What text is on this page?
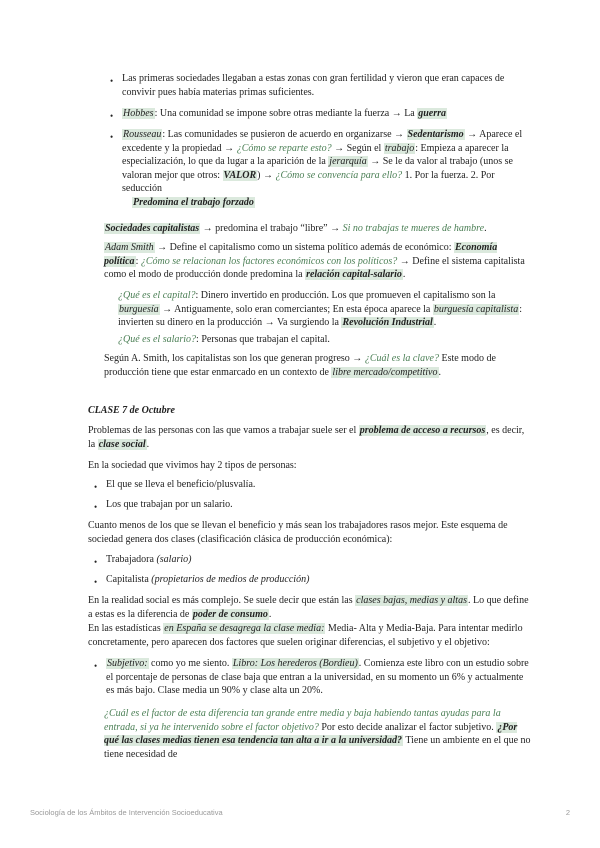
• Las primeras sociedades llegaban a estas zonas con gran fertilidad y vieron que eran capaces de convivir pues había materias primas suficientes.

• Hobbes: Una comunidad se impone sobre otras mediante la fuerza → La guerra

• Rousseau: Las comunidades se pusieron de acuerdo en organizarse → Sedentarismo → Aparece el excedente y la propiedad → ¿Cómo se reparte esto? → Según el trabajo: Empieza a aparecer la especialización, lo que da lugar a la aparición de la jerarquía → Se le da valor al trabajo (unos se valoran mejor que otros: VALOR) → ¿Cómo se convencía para ello? 1. Por la fuerza. 2. Por seducción
Predomina el trabajo forzado

Sociedades capitalistas → predomina el trabajo “libre” → Si no trabajas te mueres de hambre.

Adam Smith → Define el capitalismo como un sistema político además de económico: Economía política: ¿Cómo se relacionan los factores económicos con los políticos? → Define el sistema capitalista como el modo de producción donde predomina la relación capital-salario.

¿Qué es el capital?: Dinero invertido en producción. Los que promueven el capitalismo son la burguesía → Antiguamente, solo eran comerciantes; En esta época aparece la burguesía capitalista: invierten su dinero en la producción → Va surgiendo la Revolución Industrial.

¿Qué es el salario?: Personas que trabajan el capital.

Según A. Smith, los capitalistas son los que generan progreso → ¿Cuál es la clave? Este modo de producción tiene que estar enmarcado en un contexto de libre mercado/competitivo.

CLASE 7 de Octubre

Problemas de las personas con las que vamos a trabajar suele ser el problema de acceso a recursos, es decir, la clase social.

En la sociedad que vivimos hay 2 tipos de personas:

• El que se lleva el beneficio/plusvalía.

• Los que trabajan por un salario.

Cuanto menos de los que se llevan el beneficio y más sean los trabajadores rasos mejor. Este esquema de sociedad genera dos clases (clasificación clásica de producción económica):

• Trabajadora (salario)

• Capitalista (propietarios de medios de producción)

En la realidad social es más complejo. Se suele decir que están las clases bajas, medias y altas. Lo que define a estas es la diferencia de poder de consumo.

En las estadísticas en España se desagrega la clase media: Media- Alta y Media-Baja. Para intentar medirlo concretamente, pero aparecen dos factores que suelen originar diferencias, el subjetivo y el objetivo:

• Subjetivo: como yo me siento. Libro: Los herederos (Bordieu). Comienza este libro con un estudio sobre el porcentaje de personas de clase baja que entran a la universidad, en su momento un 6% y actualmente es más bajo. Clase media un 90% y clase alta un 20%.

¿Cuál es el factor de esta diferencia tan grande entre media y baja habiendo tantas ayudas para la entrada, si ya he intervenido sobre el factor objetivo? Por esto decide analizar el factor subjetivo. ¿Por qué las clases medias tienen esa tendencia tan alta a ir a la universidad? Tiene un ambiente en el que no tiene necesidad de

Sociología de los Ámbitos de Intervención Socioeducativa	2
